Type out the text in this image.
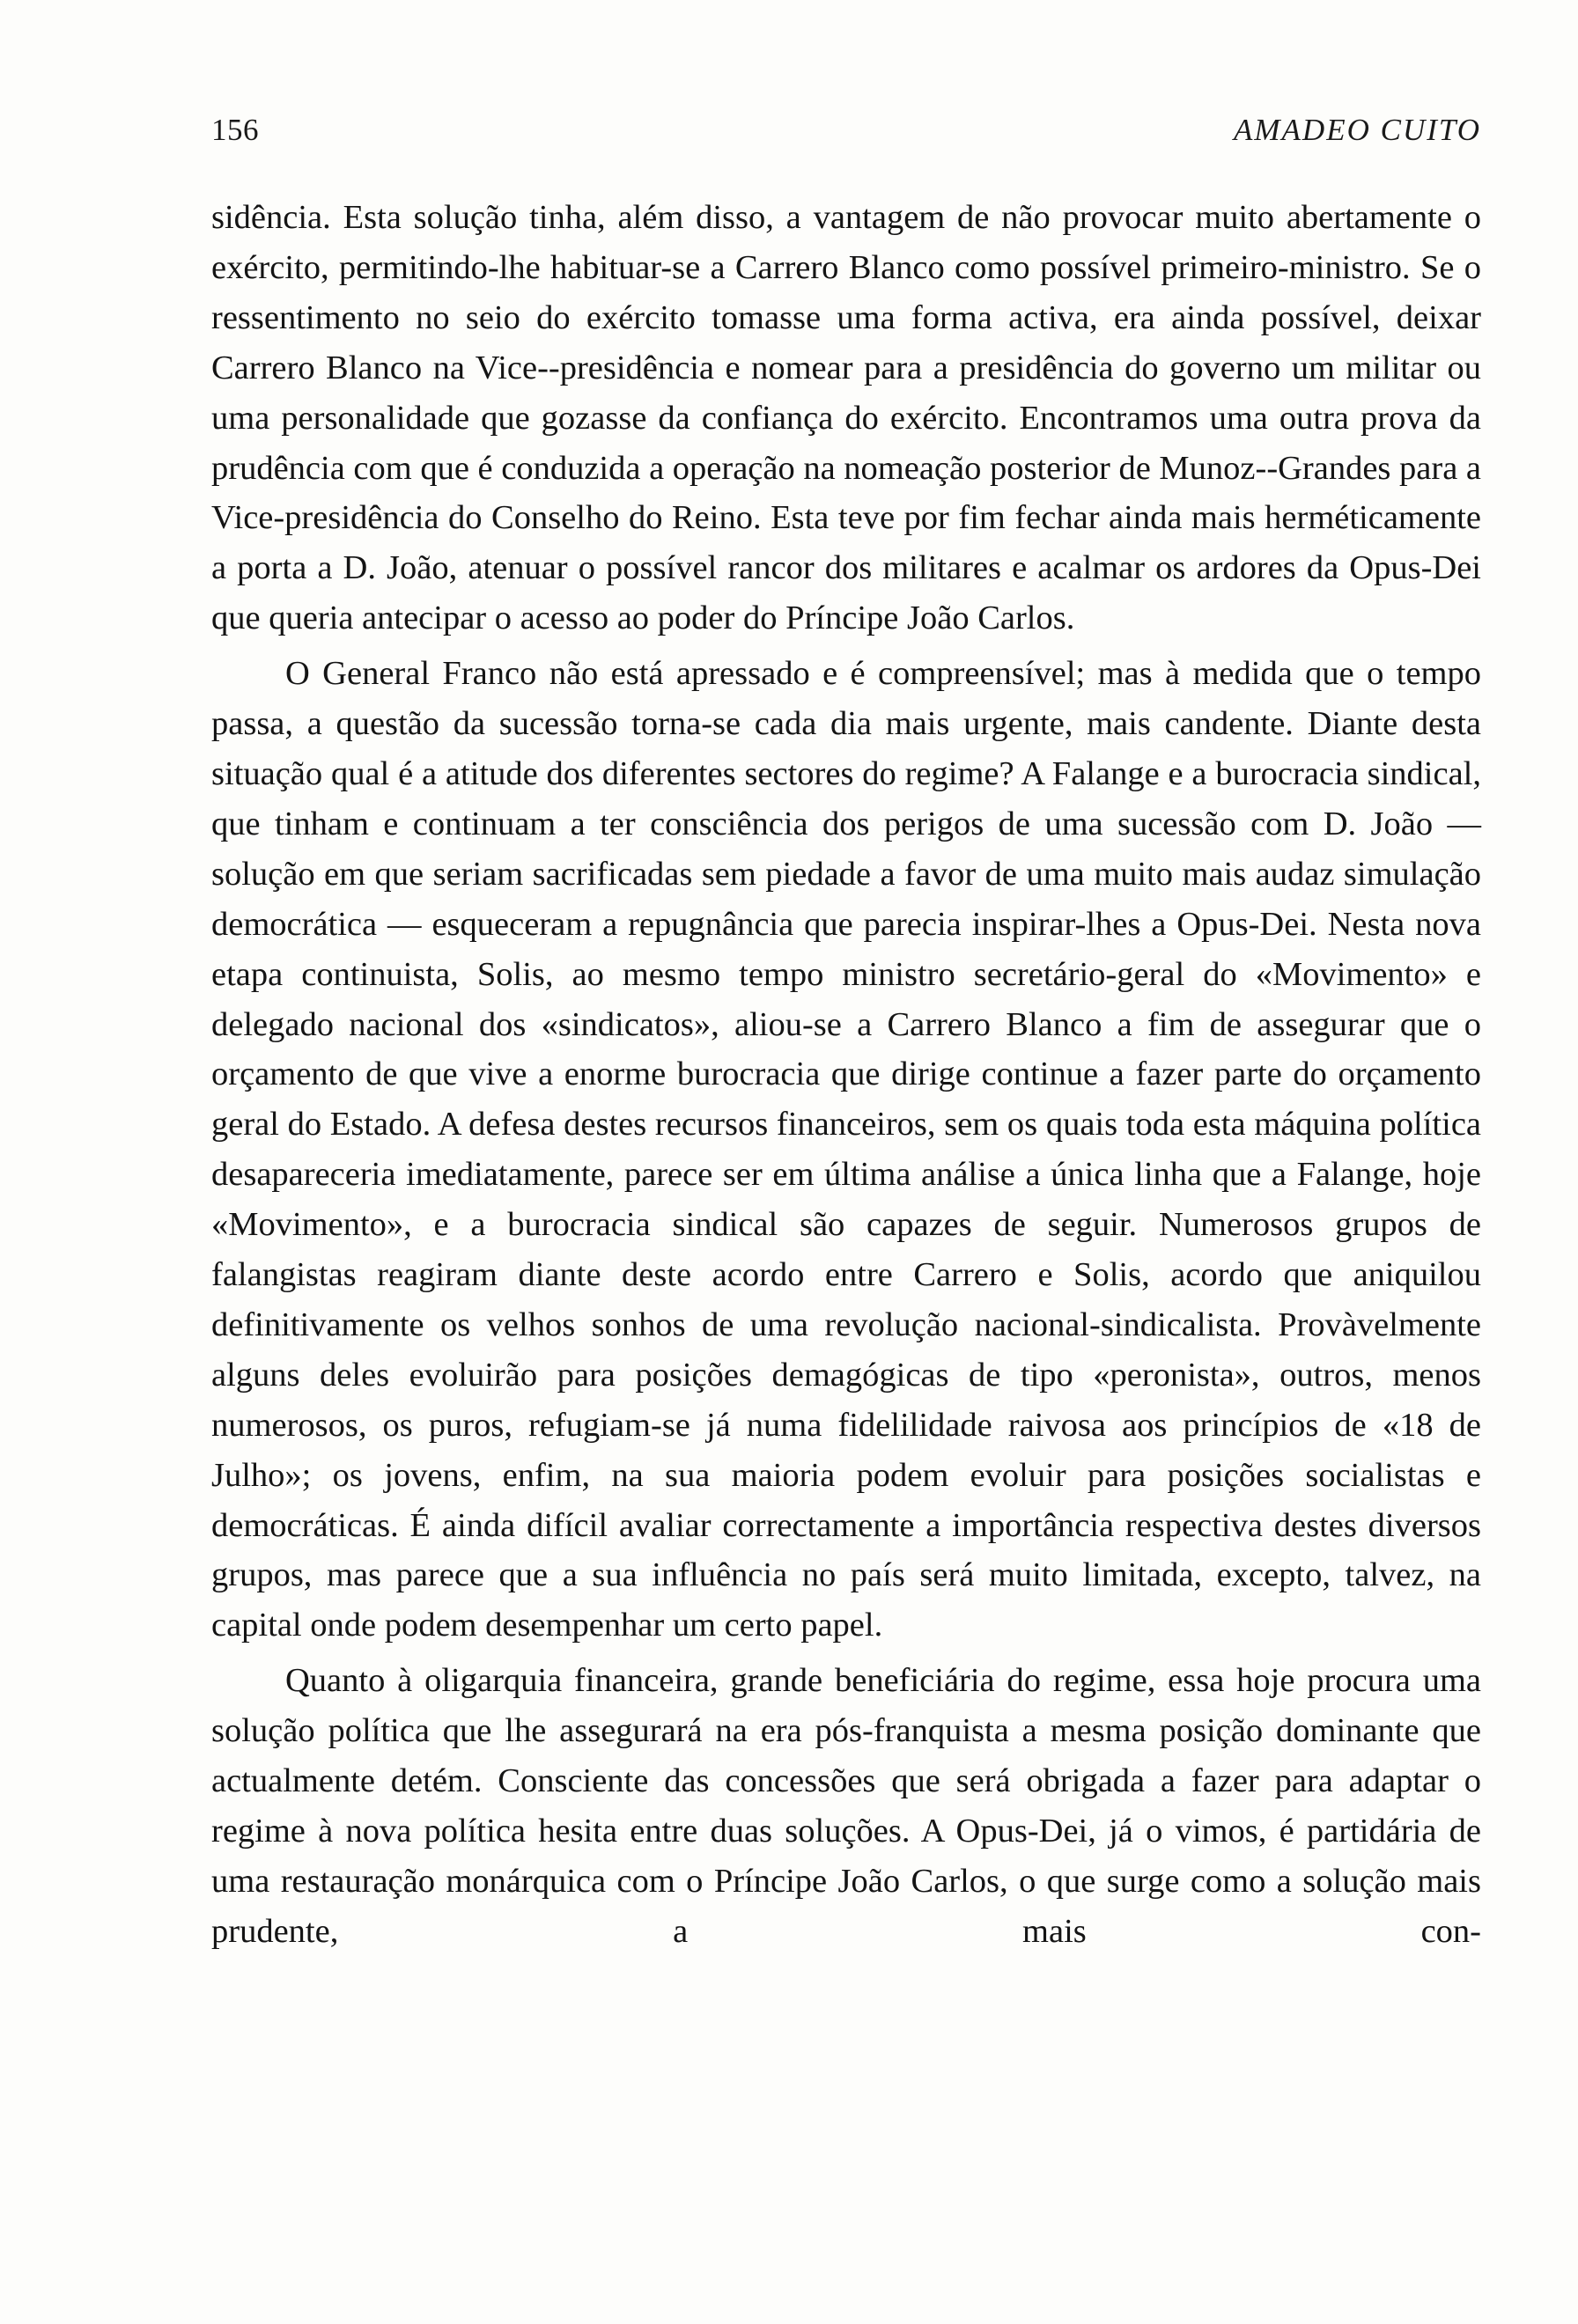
156	AMADEO CUITO

sidência. Esta solução tinha, além disso, a vantagem de não provocar muito abertamente o exército, permitindo-lhe habituar-se a Carrero Blanco como possível primeiro-ministro. Se o ressentimento no seio do exército tomasse uma forma activa, era ainda possível, deixar Carrero Blanco na Vice--presidência e nomear para a presidência do governo um militar ou uma personalidade que gozasse da confiança do exército. Encontramos uma outra prova da prudência com que é conduzida a operação na nomeação posterior de Munoz--Grandes para a Vice-presidência do Conselho do Reino. Esta teve por fim fechar ainda mais herméticamente a porta a D. João, atenuar o possível rancor dos militares e acalmar os ardores da Opus-Dei que queria antecipar o acesso ao poder do Príncipe João Carlos.

O General Franco não está apressado e é compreensível; mas à medida que o tempo passa, a questão da sucessão torna-se cada dia mais urgente, mais candente. Diante desta situação qual é a atitude dos diferentes sectores do regime? A Falange e a burocracia sindical, que tinham e continuam a ter consciência dos perigos de uma sucessão com D. João — solução em que seriam sacrificadas sem piedade a favor de uma muito mais audaz simulação democrática — esqueceram a repugnância que parecia inspirar-lhes a Opus-Dei. Nesta nova etapa continuista, Solis, ao mesmo tempo ministro secretário-geral do «Movimento» e delegado nacional dos «sindicatos», aliou-se a Carrero Blanco a fim de assegurar que o orçamento de que vive a enorme burocracia que dirige continue a fazer parte do orçamento geral do Estado. A defesa destes recursos financeiros, sem os quais toda esta máquina política desapareceria imediatamente, parece ser em última análise a única linha que a Falange, hoje «Movimento», e a burocracia sindical são capazes de seguir. Numerosos grupos de falangistas reagiram diante deste acordo entre Carrero e Solis, acordo que aniquilou definitivamente os velhos sonhos de uma revolução nacional-sindicalista. Provàvelmente alguns deles evoluirão para posições demagógicas de tipo «peronista», outros, menos numerosos, os puros, refugiam-se já numa fidelilidade raivosa aos princípios de «18 de Julho»; os jovens, enfim, na sua maioria podem evoluir para posições socialistas e democráticas. É ainda difícil avaliar correctamente a importância respectiva destes diversos grupos, mas parece que a sua influência no país será muito limitada, excepto, talvez, na capital onde podem desempenhar um certo papel.

Quanto à oligarquia financeira, grande beneficiária do regime, essa hoje procura uma solução política que lhe assegurará na era pós-franquista a mesma posição dominante que actualmente detém. Consciente das concessões que será obrigada a fazer para adaptar o regime à nova política hesita entre duas soluções. A Opus-Dei, já o vimos, é partidária de uma restauração monárquica com o Príncipe João Carlos, o que surge como a solução mais prudente, a mais con-
